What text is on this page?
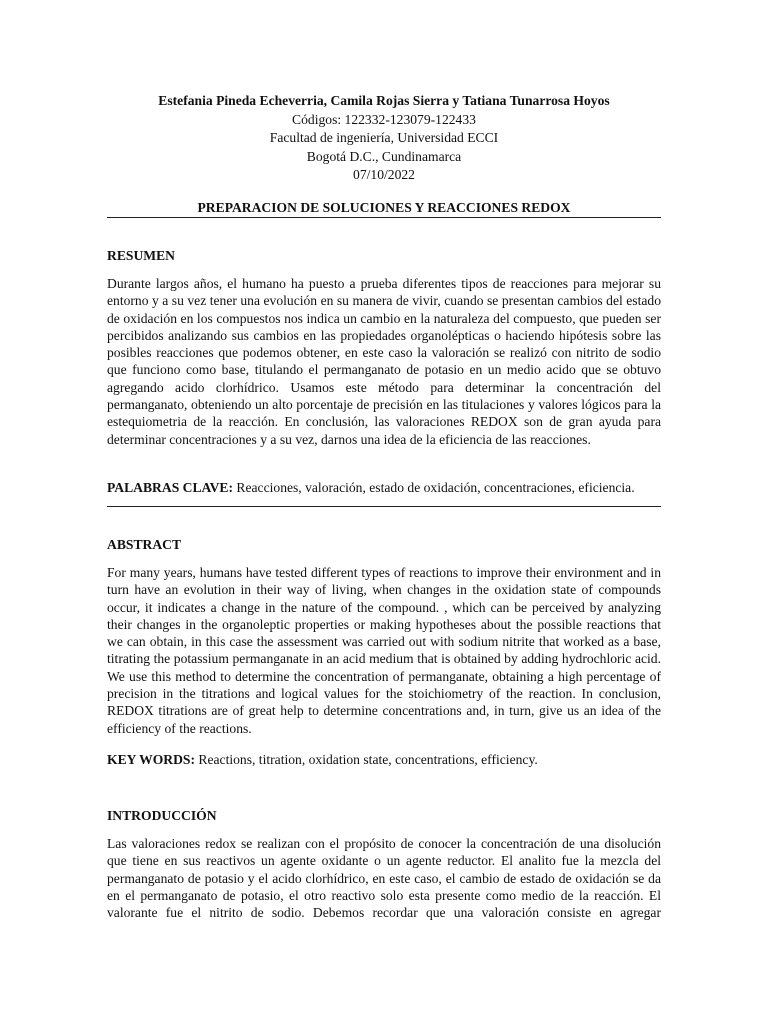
Estefania Pineda Echeverria, Camila Rojas Sierra y Tatiana Tunarrosa Hoyos
Códigos: 122332-123079-122433
Facultad de ingeniería, Universidad ECCI
Bogotá D.C., Cundinamarca
07/10/2022
PREPARACION DE SOLUCIONES Y REACCIONES REDOX
RESUMEN
Durante largos años, el humano ha puesto a prueba diferentes tipos de reacciones para mejorar su entorno y a su vez tener una evolución en su manera de vivir, cuando se presentan cambios del estado de oxidación en los compuestos nos indica un cambio en la naturaleza del compuesto, que pueden ser percibidos analizando sus cambios en las propiedades organolépticas o haciendo hipótesis sobre las posibles reacciones que podemos obtener, en este caso la valoración se realizó con nitrito de sodio que funciono como base, titulando el permanganato de potasio en un medio acido que se obtuvo agregando acido clorhídrico. Usamos este método para determinar la concentración del permanganato, obteniendo un alto porcentaje de precisión en las titulaciones y valores lógicos para la estequiometria de la reacción. En conclusión, las valoraciones REDOX son de gran ayuda para determinar concentraciones y a su vez, darnos una idea de la eficiencia de las reacciones.
PALABRAS CLAVE: Reacciones, valoración, estado de oxidación, concentraciones, eficiencia.
ABSTRACT
For many years, humans have tested different types of reactions to improve their environment and in turn have an evolution in their way of living, when changes in the oxidation state of compounds occur, it indicates a change in the nature of the compound. , which can be perceived by analyzing their changes in the organoleptic properties or making hypotheses about the possible reactions that we can obtain, in this case the assessment was carried out with sodium nitrite that worked as a base, titrating the potassium permanganate in an acid medium that is obtained by adding hydrochloric acid. We use this method to determine the concentration of permanganate, obtaining a high percentage of precision in the titrations and logical values for the stoichiometry of the reaction. In conclusion, REDOX titrations are of great help to determine concentrations and, in turn, give us an idea of the efficiency of the reactions.
KEY WORDS: Reactions, titration, oxidation state, concentrations, efficiency.
INTRODUCCIÓN
Las valoraciones redox se realizan con el propósito de conocer la concentración de una disolución que tiene en sus reactivos un agente oxidante o un agente reductor. El analito fue la mezcla del permanganato de potasio y el acido clorhídrico, en este caso, el cambio de estado de oxidación se da en el permanganato de potasio, el otro reactivo solo esta presente como medio de la reacción. El valorante fue el nitrito de sodio. Debemos recordar que una valoración consiste en agregar
